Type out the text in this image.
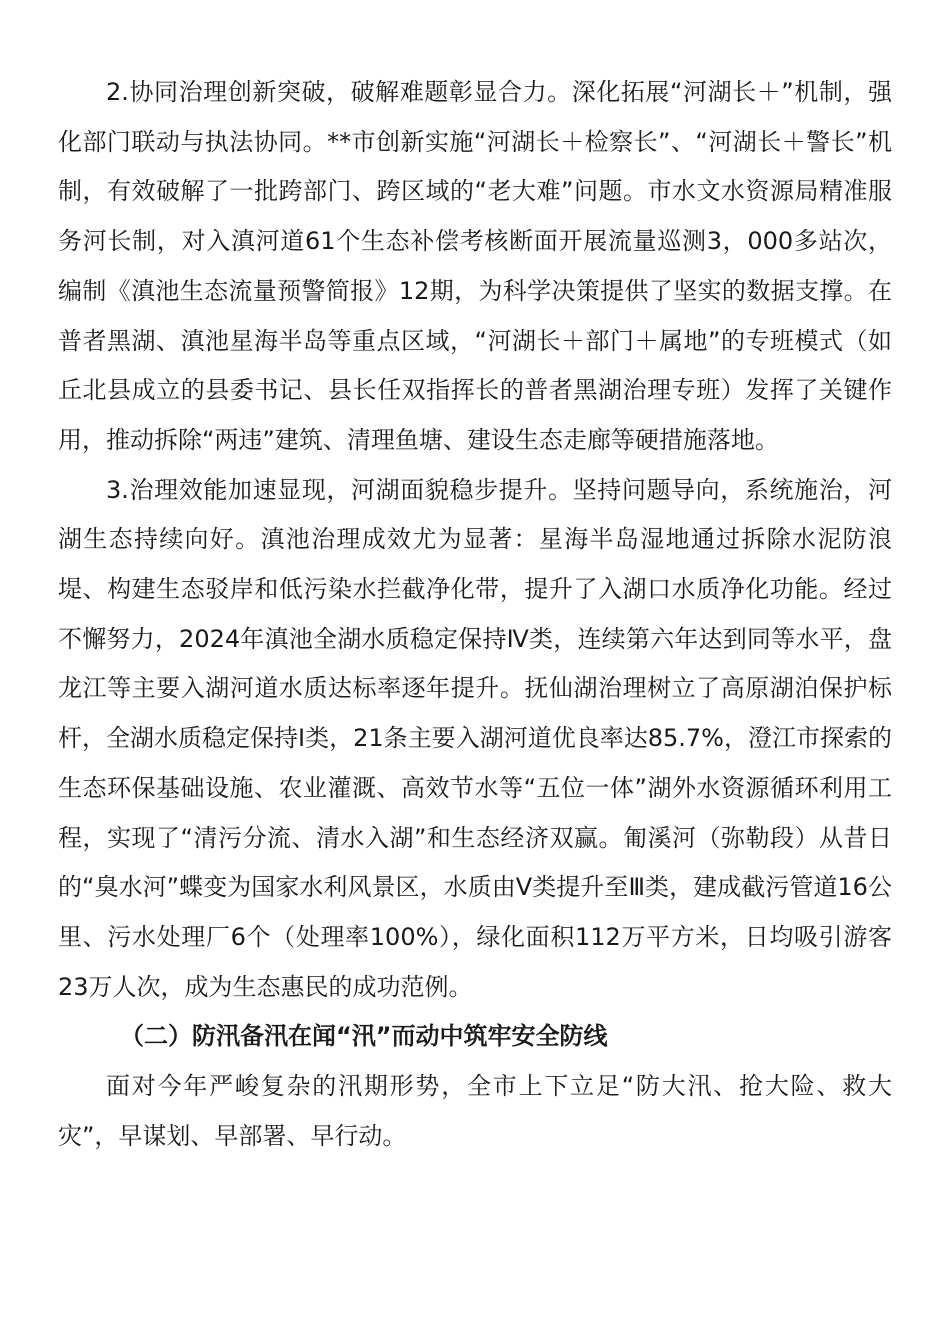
2.协同治理创新突破，破解难题彰显合力。深化拓展“河湖长＋”机制，强化部门联动与执法协同。**市创新实施“河湖长＋检察长”、“河湖长＋警长”机制，有效破解了一批跨部门、跨区域的“老大难”问题。市水文水资源局精准服务河长制，对入滇河道61个生态补偿考核断面开展流量巡测3，000多站次，编制《滇池生态流量预警简报》12期，为科学决策提供了坚实的数据支撑。在普者黑湖、滇池星海半岛等重点区域，“河湖长＋部门＋属地”的专班模式（如丘北县成立的县委书记、县长任双指挥长的普者黑湖治理专班）发挥了关键作用，推动拆除“两违”建筑、清理鱼塘、建设生态走廊等硬措施落地。

3.治理效能加速显现，河湖面貌稳步提升。坚持问题导向，系统施治，河湖生态持续向好。滇池治理成效尤为显著：星海半岛湿地通过拆除水泥防浪堤、构建生态驳岸和低污染水拦截净化带，提升了入湖口水质净化功能。经过不懈努力，2024年滇池全湖水质稳定保持Ⅳ类，连续第六年达到同等水平，盘龙江等主要入湖河道水质达标率逐年提升。抚仙湖治理树立了高原湖泊保护标杆，全湖水质稳定保持Ⅰ类，21条主要入湖河道优良率达85.7%，澄江市探索的生态环保基础设施、农业灌溉、高效节水等“五位一体”湖外水资源循环利用工程，实现了“清污分流、清水入湖”和生态经济双赢。匍溪河（弥勒段）从昔日的“臭水河”蝶变为国家水利风景区，水质由Ⅴ类提升至Ⅲ类，建成截污管道16公里、污水处理厂6个（处理率100%），绿化面积112万平方米，日均吸引游客23万人次，成为生态惠民的成功范例。

（二）防汛备汛在闻“汛”而动中筑牢安全防线

面对今年严峻复杂的汛期形势，全市上下立足“防大汛、抢大险、救大灾”，早谋划、早部署、早行动。
